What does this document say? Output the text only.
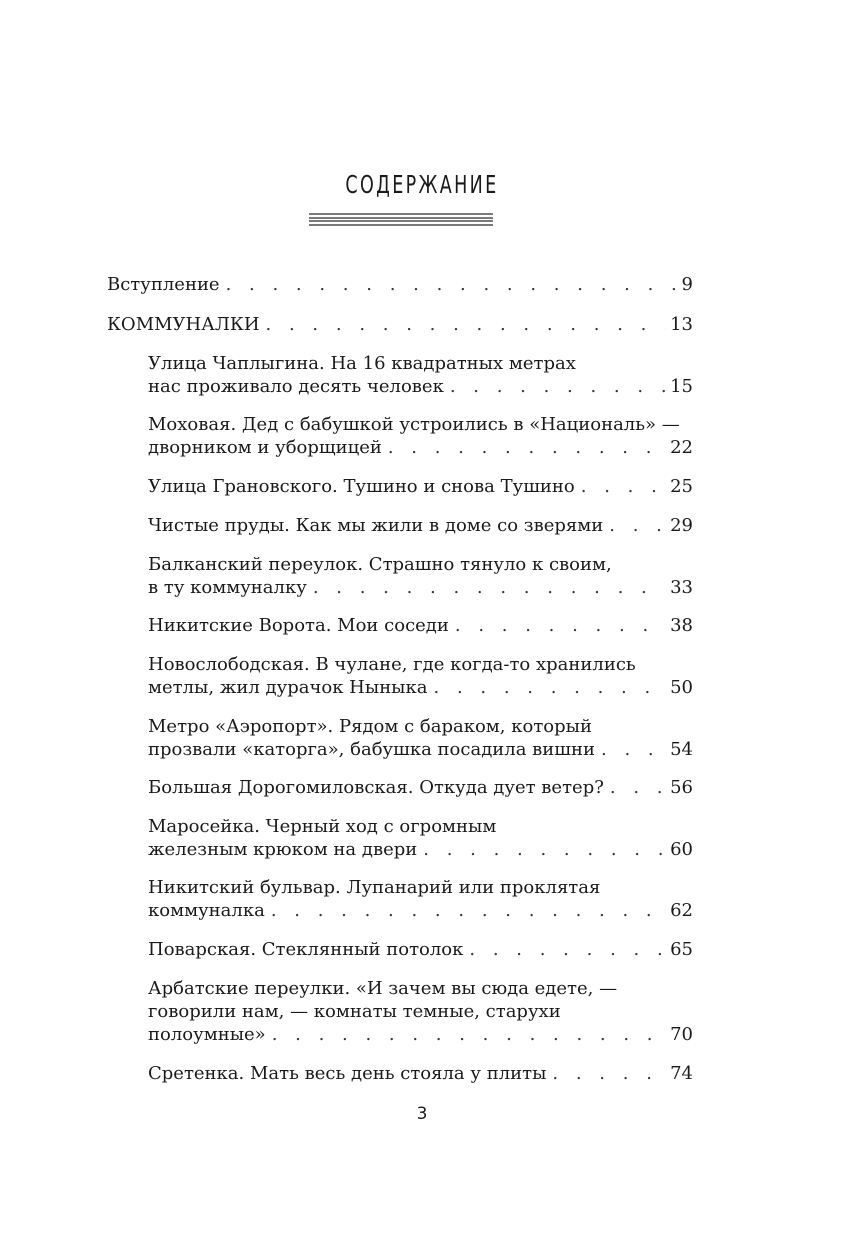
СОДЕРЖАНИЕ
Вступление . . .	9
КОММУНАЛКИ . . .	13
Улица Чаплыгина. На 16 квадратных метрах
нас проживало десять человек . . .	15
Моховая. Дед с бабушкой устроились в «Националь» —
дворником и уборщицей . . .	22
Улица Грановского. Тушино и снова Тушино . . .	25
Чистые пруды. Как мы жили в доме со зверями . . .	29
Балканский переулок. Страшно тянуло к своим,
в ту коммуналку . . .	33
Никитские Ворота. Мои соседи . . .	38
Новослободская. В чулане, где когда-то хранились
метлы, жил дурачок Ныныка . . .	50
Метро «Аэропорт». Рядом с бараком, который
прозвали «каторга», бабушка посадила вишни . . .	54
Большая Дорогомиловская. Откуда дует ветер? . . .	56
Маросейка. Черный ход с огромным
железным крюком на двери . . .	60
Никитский бульвар. Лупанарий или проклятая
коммуналка . . .	62
Поварская. Стеклянный потолок . . .	65
Арбатские переулки. «И зачем вы сюда едете, —
говорили нам, — комнаты темные, старухи
полоумные» . . .	70
Сретенка. Мать весь день стояла у плиты . . .	74
3
